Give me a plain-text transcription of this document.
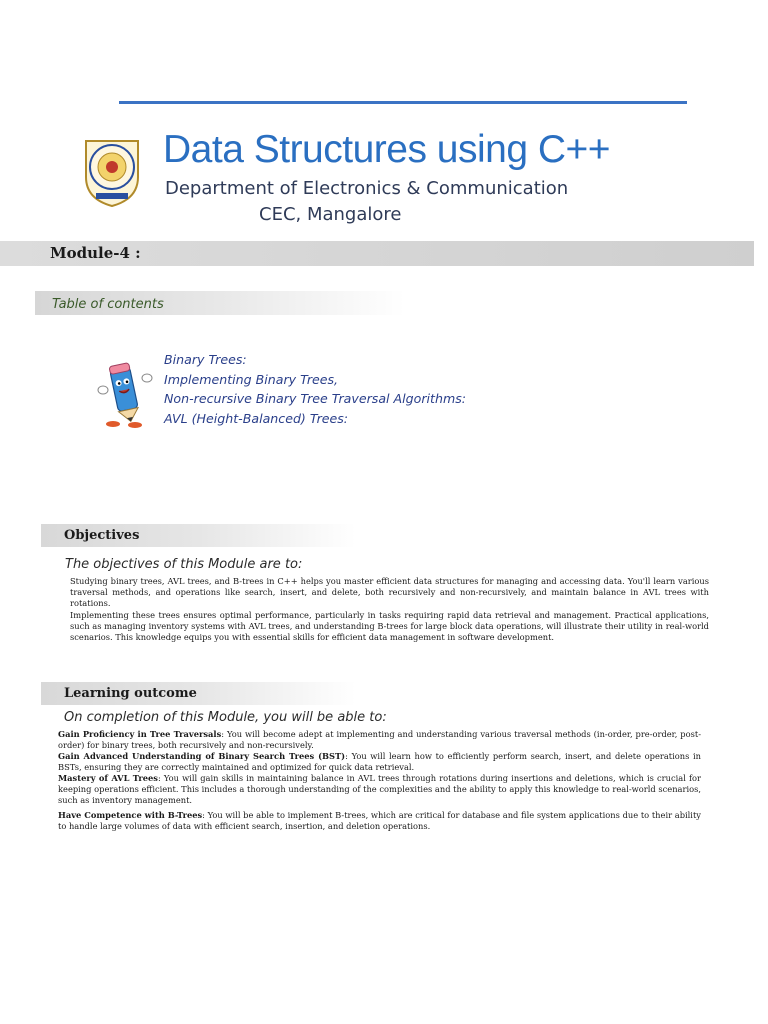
Data Structures using C++
Department of Electronics & Communication
CEC, Mangalore
Module-4 :
Table of contents
Binary Trees:
Implementing Binary Trees,
Non-recursive Binary Tree Traversal Algorithms:
AVL (Height-Balanced) Trees:
Objectives
The objectives of this Module are to:

Studying binary trees, AVL trees, and B-trees in C++ helps you master efficient data structures for managing and accessing data. You'll learn various traversal methods, and operations like search, insert, and delete, both recursively and non-recursively, and maintain balance in AVL trees with rotations.

Implementing these trees ensures optimal performance, particularly in tasks requiring rapid data retrieval and management. Practical applications, such as managing inventory systems with AVL trees, and understanding B-trees for large block data operations, will illustrate their utility in real-world scenarios. This knowledge equips you with essential skills for efficient data management in software development.

Learning outcome
On completion of this Module, you will be able to:

Gain Proficiency in Tree Traversals: You will become adept at implementing and understanding various traversal methods (in-order, pre-order, post-order) for binary trees, both recursively and non-recursively.

Gain Advanced Understanding of Binary Search Trees (BST): You will learn how to efficiently perform search, insert, and delete operations in BSTs, ensuring they are correctly maintained and optimized for quick data retrieval.

Mastery of AVL Trees: You will gain skills in maintaining balance in AVL trees through rotations during insertions and deletions, which is crucial for keeping operations efficient. This includes a thorough understanding of the complexities and the ability to apply this knowledge to real-world scenarios, such as inventory management.

Have Competence with B-Trees: You will be able to implement B-trees, which are critical for database and file system applications due to their ability to handle large volumes of data with efficient search, insertion, and deletion operations.
